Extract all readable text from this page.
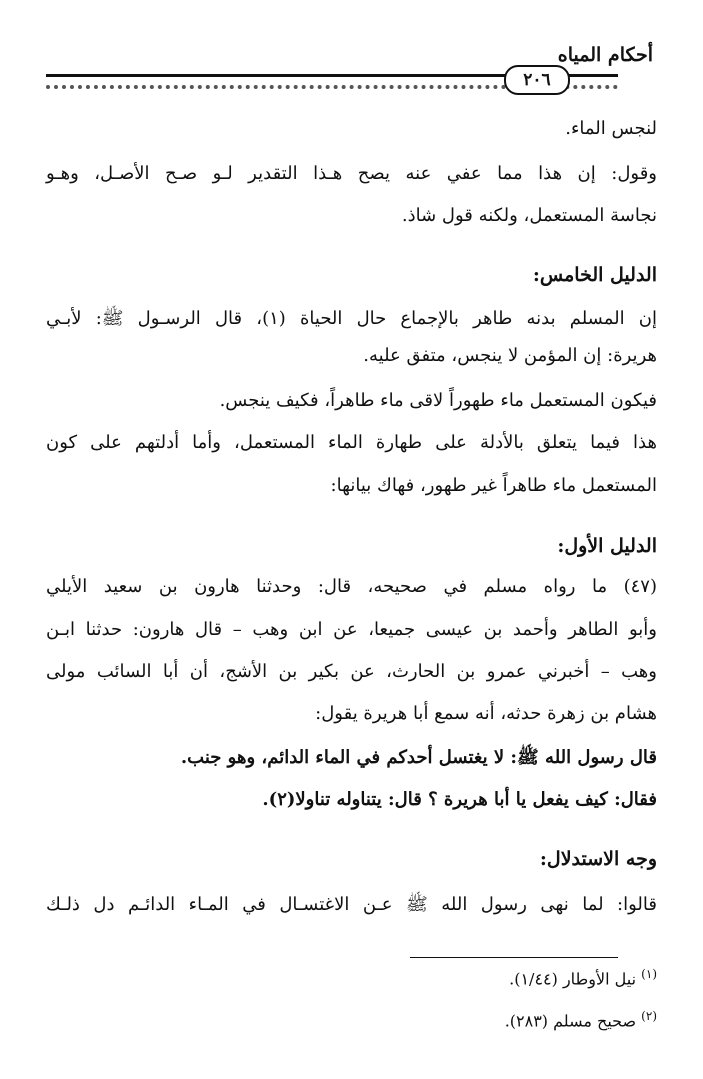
أحكام المياه
٢٠٦
لنجس الماء.
وقول: إن هذا مما عفي عنه يصح هـذا التقدير لـو صـح الأصـل، وهـو
نجاسة المستعمل، ولكنه قول شاذ.
الدليل الخامس:
إن المسلم بدنه طاهر بالإجماع حال الحياة (١)، قال الرسـول ﷺ: لأبـي
هريرة: إن المؤمن لا ينجس، متفق عليه.
فيكون المستعمل ماء طهوراً لاقى ماء طاهراً، فكيف ينجس.
هذا فيما يتعلق بالأدلة على طهارة الماء المستعمل، وأما أدلتهم على كون
المستعمل ماء طاهراً غير طهور، فهاك بيانها:
الدليل الأول:
(٤٧) ما رواه مسلم في صحيحه، قال: وحدثنا هارون بن سعيد الأيلي
وأبو الطاهر وأحمد بن عيسى جميعا، عن ابن وهب – قال هارون: حدثنا ابـن
وهب – أخبرني عمرو بن الحارث، عن بكير بن الأشج، أن أبا السائب مولى
هشام بن زهرة حدثه، أنه سمع أبا هريرة يقول:
قال رسول الله ﷺ: لا يغتسل أحدكم في الماء الدائم، وهو جنب.
فقال: كيف يفعل يا أبا هريرة ؟ قال: يتناوله تناولا(٢).
وجه الاستدلال:
قالوا: لما نهى رسول الله ﷺ عـن الاغتسـال في المـاء الدائـم دل ذلـك
$^{(١)}$ نيل الأوطار (١/٤٤).
$^{(٢)}$ صحيح مسلم (٢٨٣).
